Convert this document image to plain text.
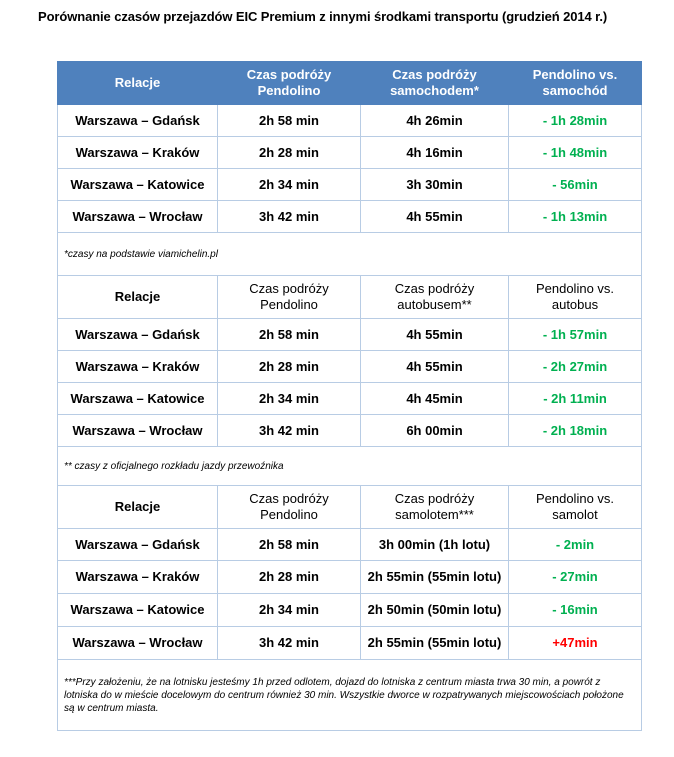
Porównanie czasów przejazdów EIC Premium z innymi środkami transportu (grudzień 2014 r.)
Relacje	Czas podróży Pendolino	Czas podróży samochodem*	Pendolino vs. samochód
Warszawa – Gdańsk	2h 58 min	4h 26min	- 1h 28min
Warszawa – Kraków	2h 28 min	4h 16min	- 1h 48min
Warszawa – Katowice	2h 34 min	3h 30min	- 56min
Warszawa – Wrocław	3h 42 min	4h 55min	- 1h 13min
*czasy na podstawie viamichelin.pl			
Relacje	Czas podróży Pendolino	Czas podróży autobusem**	Pendolino vs. autobus
Warszawa – Gdańsk	2h 58 min	4h 55min	- 1h 57min
Warszawa – Kraków	2h 28 min	4h 55min	- 2h 27min
Warszawa – Katowice	2h 34 min	4h 45min	- 2h 11min
Warszawa – Wrocław	3h 42 min	6h 00min	- 2h 18min
** czasy z oficjalnego rozkładu jazdy przewoźnika			
Relacje	Czas podróży Pendolino	Czas podróży samolotem***	Pendolino vs. samolot
Warszawa – Gdańsk	2h 58 min	3h 00min (1h lotu)	- 2min
Warszawa – Kraków	2h 28 min	2h 55min (55min lotu)	- 27min
Warszawa – Katowice	2h 34 min	2h 50min (50min lotu)	- 16min
Warszawa – Wrocław	3h 42 min	2h 55min (55min lotu)	+47min
***Przy założeniu, że na lotnisku jesteśmy 1h przed odlotem, dojazd do lotniska z centrum miasta trwa 30 min, a powrót z lotniska do w mieście docelowym do centrum również 30 min. Wszystkie dworce w rozpatrywanych miejscowościach położone są w centrum miasta.			
